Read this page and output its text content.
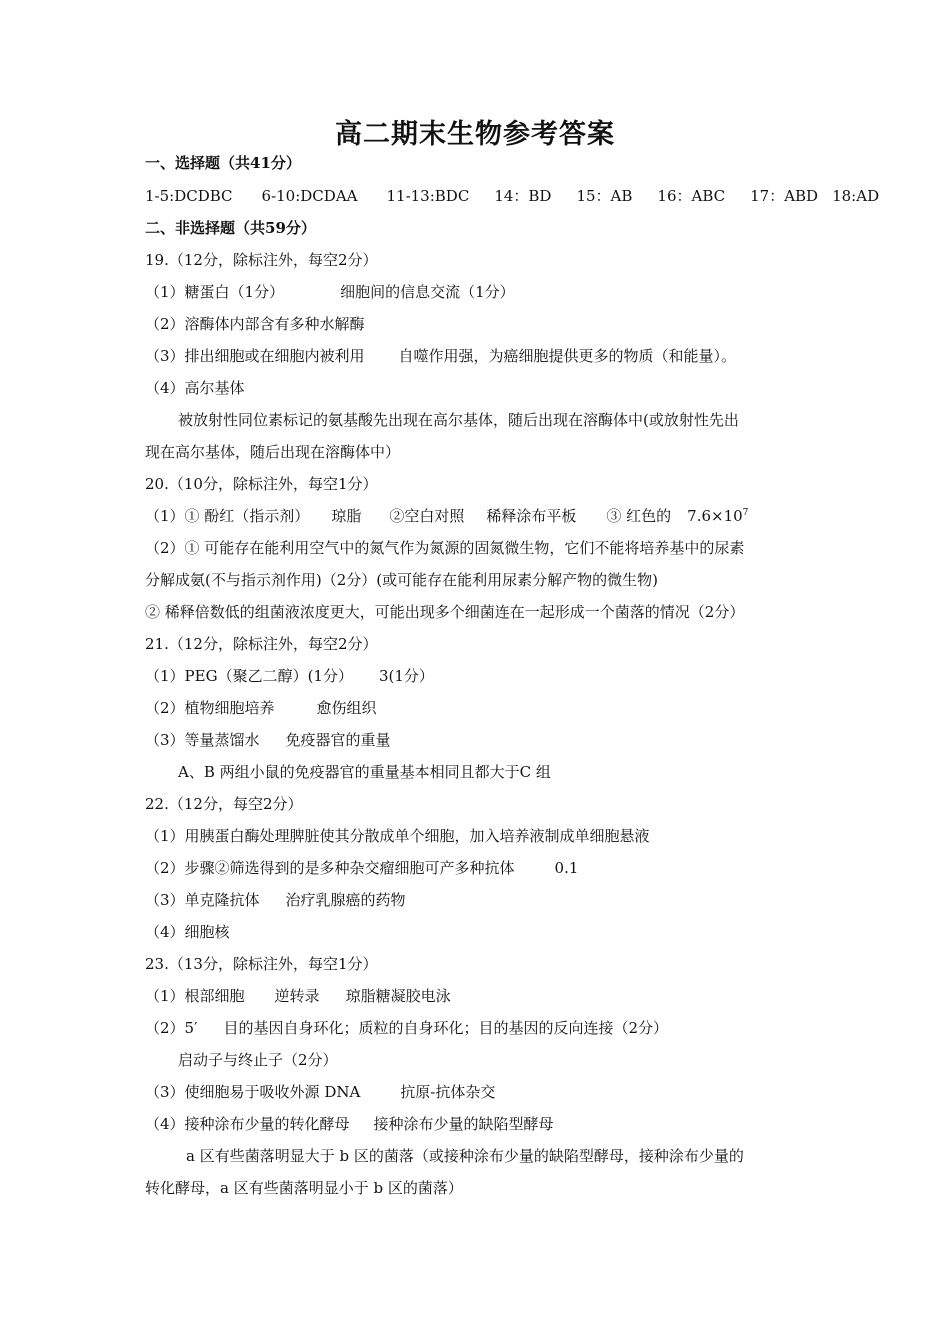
高二期末生物参考答案
一、选择题（共41分）
1-5:DCDBC 6-10:DCDAA 11-13:BDC 14：BD 15：AB 16：ABC 17：ABD 18:AD
二、非选择题（共59分）
19.（12分，除标注外，每空2分）
（1）糖蛋白（1分）	细胞间的信息交流（1分）
（2）溶酶体内部含有多种水解酶
（3）排出细胞或在细胞内被利用 自噬作用强，为癌细胞提供更多的物质（和能量）。
（4）高尔基体
被放射性同位素标记的氨基酸先出现在高尔基体，随后出现在溶酶体中(或放射性先出
现在高尔基体，随后出现在溶酶体中）
20.（10分，除标注外，每空1分）
（1）① 酚红（指示剂） 琼脂 ②空白对照 稀释涂布平板 ③ 红色的 $7.6\times 10^7$
（2）① 可能存在能利用空气中的氮气作为氮源的固氮微生物，它们不能将培养基中的尿素
分解成氨(不与指示剂作用)（2分）(或可能存在能利用尿素分解产物的微生物)
② 稀释倍数低的组菌液浓度更大，可能出现多个细菌连在一起形成一个菌落的情况（2分）
21.（12分，除标注外，每空2分）
（1）PEG（聚乙二醇）(1分） 3(1分）
（2）植物细胞培养	愈伤组织
（3）等量蒸馏水 免疫器官的重量
A、B 两组小鼠的免疫器官的重量基本相同且都大于C 组
22.（12分，每空2分）
（1）用胰蛋白酶处理脾脏使其分散成单个细胞，加入培养液制成单细胞悬液
（2）步骤②筛选得到的是多种杂交瘤细胞可产多种抗体	0.1
（3）单克隆抗体 治疗乳腺癌的药物
（4）细胞核
23.（13分，除标注外，每空1分）
（1）根部细胞 逆转录 琼脂糖凝胶电泳
（2）5′ 目的基因自身环化；质粒的自身环化；目的基因的反向连接（2分）
启动子与终止子（2分）
（3）使细胞易于吸收外源 DNA	抗原-抗体杂交
（4）接种涂布少量的转化酵母 接种涂布少量的缺陷型酵母
a 区有些菌落明显大于 b 区的菌落（或接种涂布少量的缺陷型酵母，接种涂布少量的
转化酵母，a 区有些菌落明显小于 b 区的菌落）
